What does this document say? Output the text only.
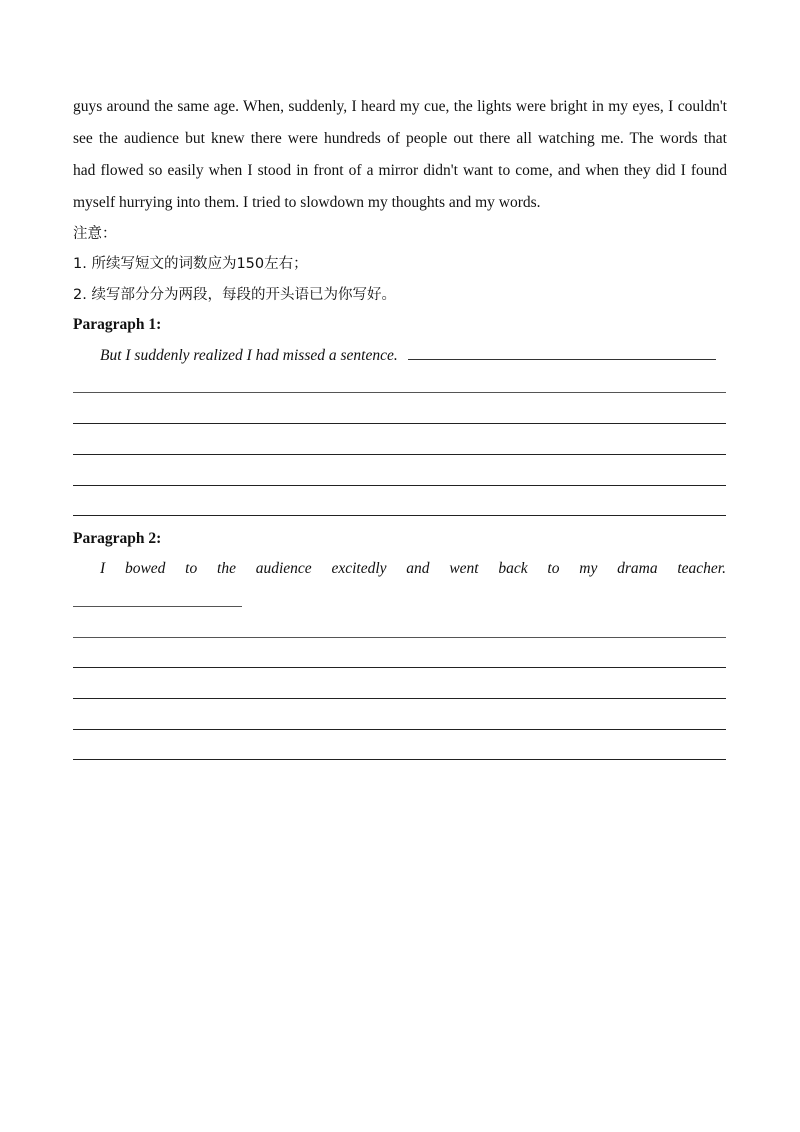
guys around the same age. When, suddenly, I heard my cue, the lights were bright in my eyes, I couldn't
see the audience but knew there were hundreds of people out there all watching me. The words that
had flowed so easily when I stood in front of a mirror didn't want to come, and when they did I found
myself hurrying into them. I tried to slowdown my thoughts and my words.
注意：
1. 所续写短文的词数应为150左右；
2. 续写部分分为两段，每段的开头语已为你写好。
Paragraph 1:
But I suddenly realized I had missed a sentence.
Paragraph 2:
I bowed to the audience excitedly and went back to my drama teacher.
